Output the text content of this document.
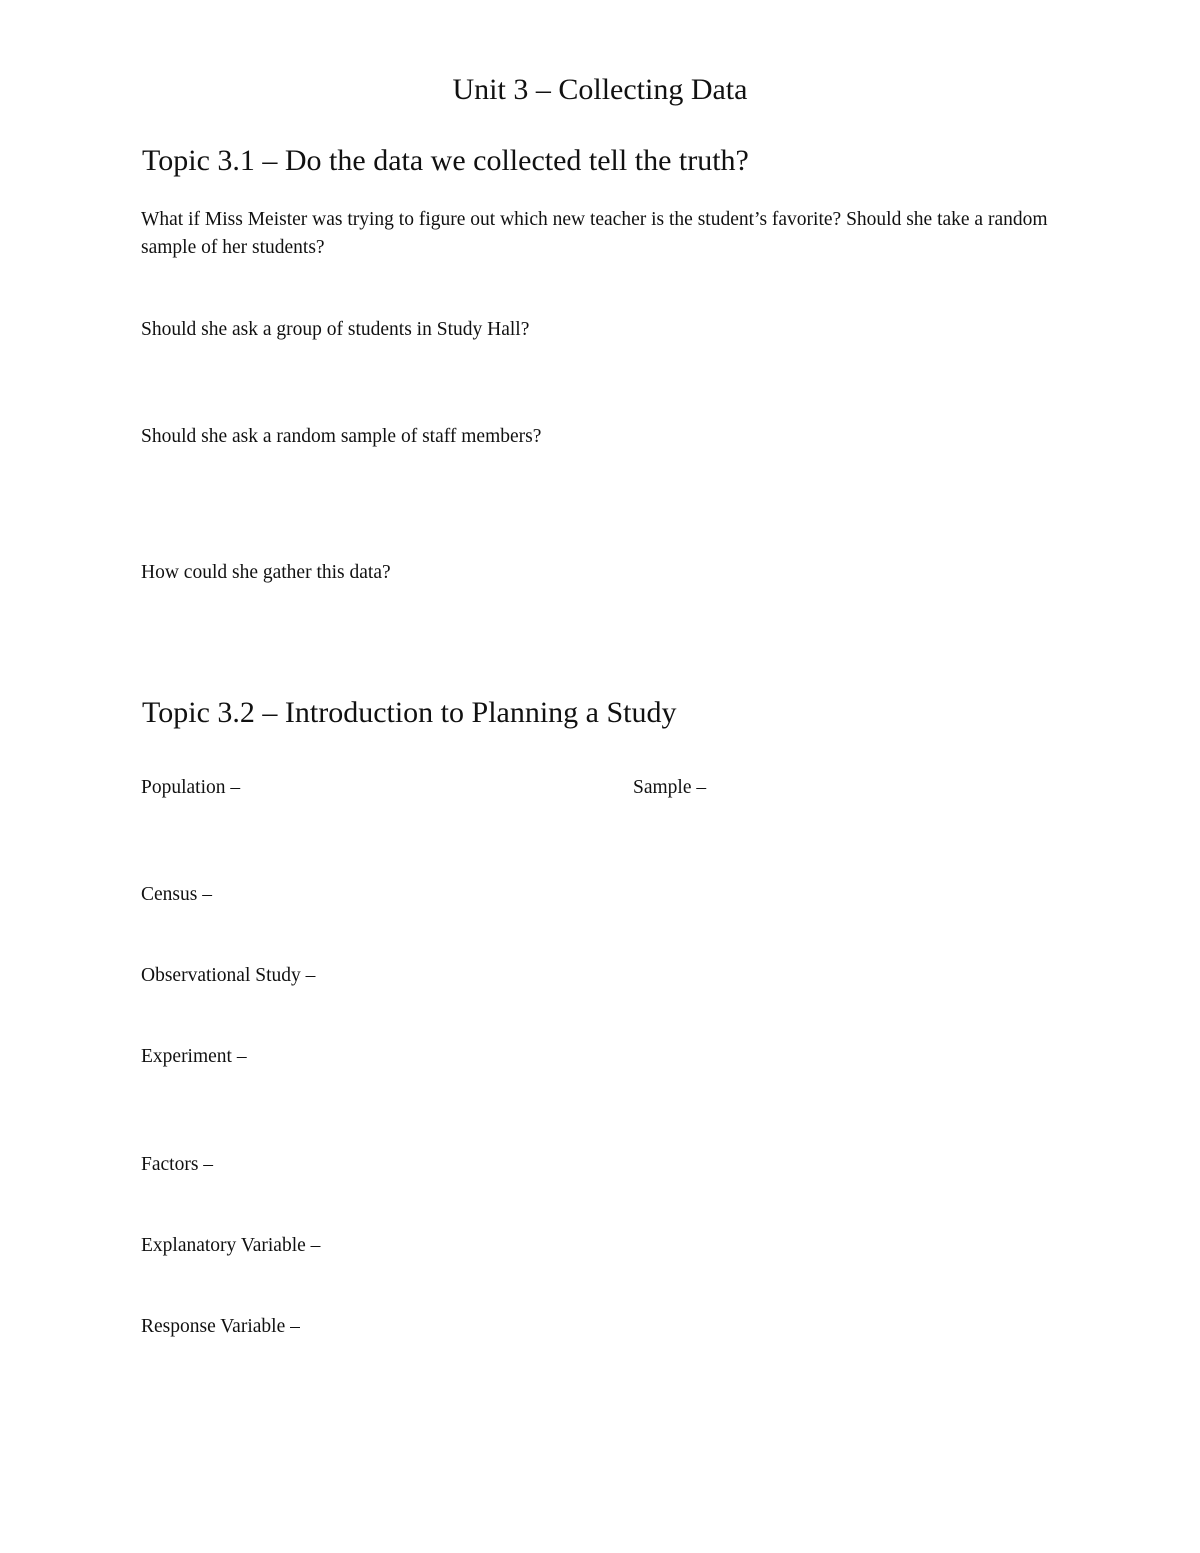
Unit 3 – Collecting Data
Topic 3.1 – Do the data we collected tell the truth?

What if Miss Meister was trying to figure out which new teacher is the student’s favorite? Should she take a random sample of her students?

Should she ask a group of students in Study Hall?

Should she ask a random sample of staff members?

How could she gather this data?

Topic 3.2 – Introduction to Planning a Study

Population –	Sample –

Census –

Observational Study –

Experiment –

Factors –

Explanatory Variable –

Response Variable –
